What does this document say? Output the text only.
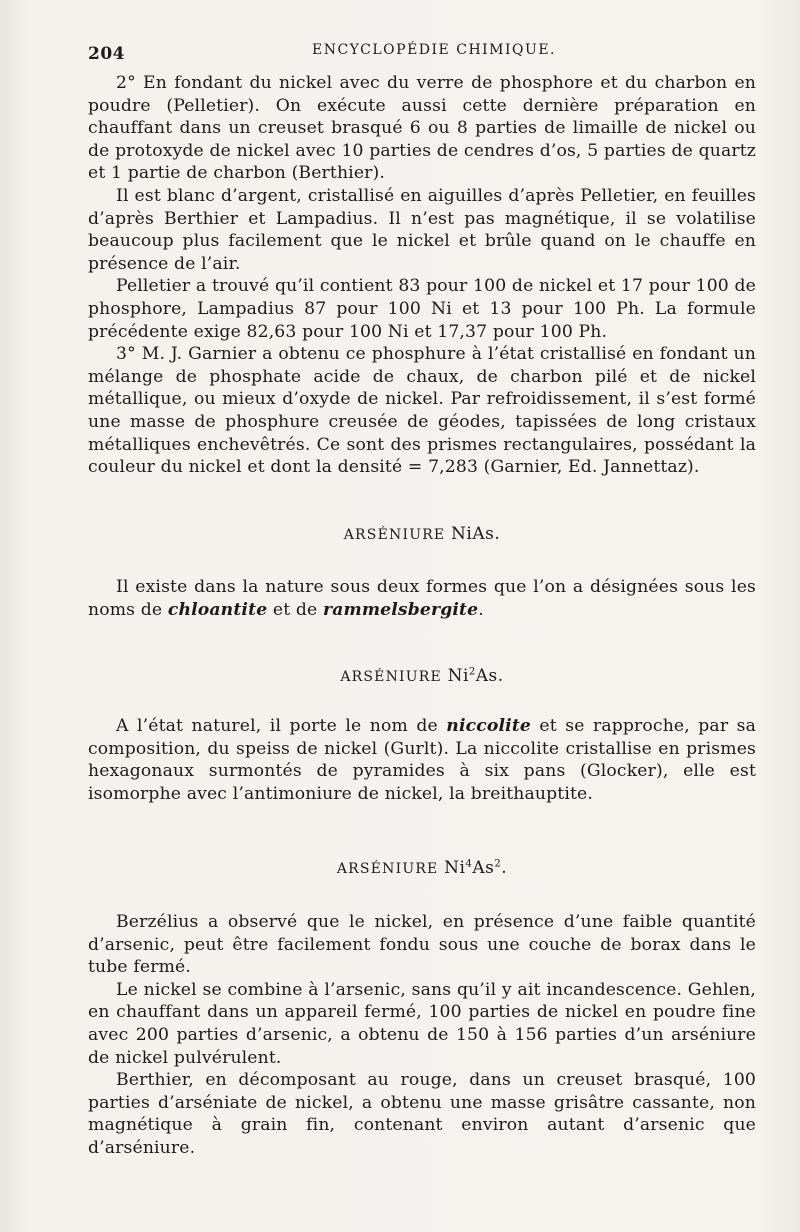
204	ENCYCLOPÉDIE CHIMIQUE.

2° En fondant du nickel avec du verre de phosphore et du charbon en poudre (Pelletier). On exécute aussi cette dernière préparation en chauffant dans un creuset brasqué 6 ou 8 parties de limaille de nickel ou de protoxyde de nickel avec 10 parties de cendres d’os, 5 parties de quartz et 1 partie de charbon (Berthier).

Il est blanc d’argent, cristallisé en aiguilles d’après Pelletier, en feuilles d’après Berthier et Lampadius. Il n’est pas magnétique, il se volatilise beaucoup plus facilement que le nickel et brûle quand on le chauffe en présence de l’air.

Pelletier a trouvé qu’il contient 83 pour 100 de nickel et 17 pour 100 de phosphore, Lampadius 87 pour 100 Ni et 13 pour 100 Ph. La formule précédente exige 82,63 pour 100 Ni et 17,37 pour 100 Ph.

3° M. J. Garnier a obtenu ce phosphure à l’état cristallisé en fondant un mélange de phosphate acide de chaux, de charbon pilé et de nickel métallique, ou mieux d’oxyde de nickel. Par refroidissement, il s’est formé une masse de phosphure creusée de géodes, tapissées de long cristaux métalliques enchevêtrés. Ce sont des prismes rectangulaires, possédant la couleur du nickel et dont la densité = 7,283 (Garnier, Ed. Jannettaz).

ARSÉNIURE NiAs.

Il existe dans la nature sous deux formes que l’on a désignées sous les noms de chloantite et de rammelsbergite.

ARSÉNIURE Ni$^2$As.

A l’état naturel, il porte le nom de niccolite et se rapproche, par sa composition, du speiss de nickel (Gurlt). La niccolite cristallise en prismes hexagonaux surmontés de pyramides à six pans (Glocker), elle est isomorphe avec l’antimoniure de nickel, la breithauptite.

ARSÉNIURE Ni$^4$As$^2$.

Berzélius a observé que le nickel, en présence d’une faible quantité d’arsenic, peut être facilement fondu sous une couche de borax dans le tube fermé.

Le nickel se combine à l’arsenic, sans qu’il y ait incandescence. Gehlen, en chauffant dans un appareil fermé, 100 parties de nickel en poudre fine avec 200 parties d’arsenic, a obtenu de 150 à 156 parties d’un arséniure de nickel pulvérulent.

Berthier, en décomposant au rouge, dans un creuset brasqué, 100 parties d’arséniate de nickel, a obtenu une masse grisâtre cassante, non magnétique à grain fin, contenant environ autant d’arsenic que d’arséniure.
